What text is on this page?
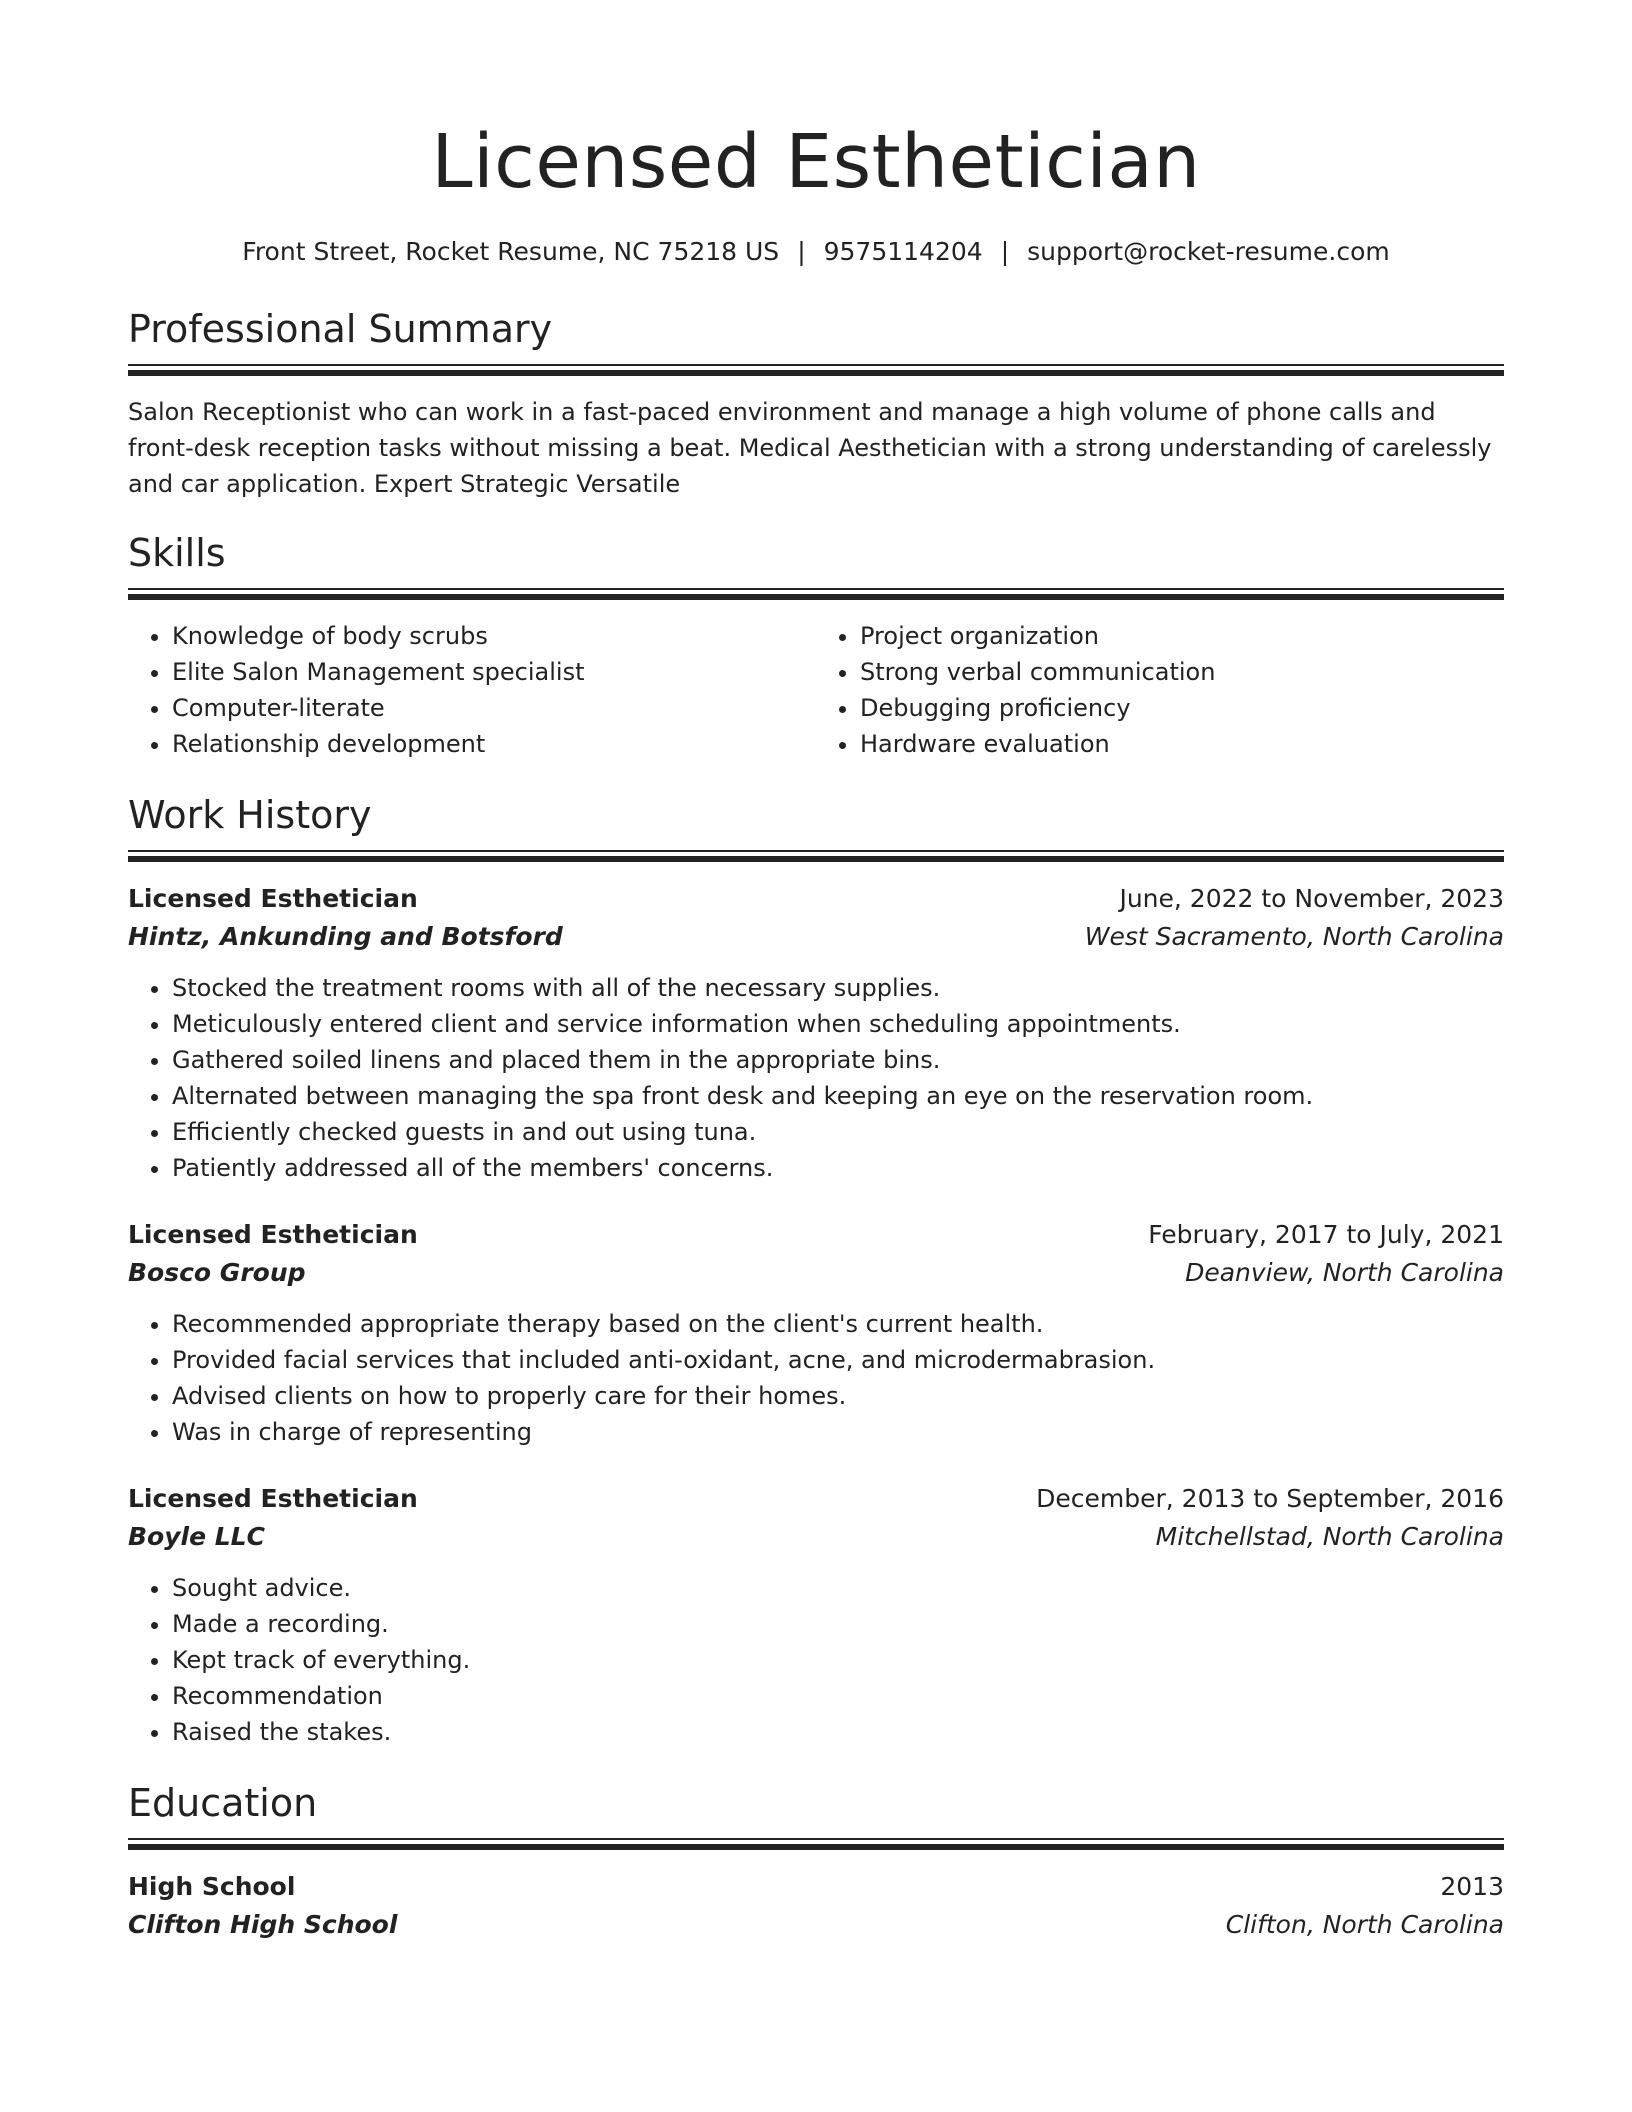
Licensed Esthetician
Front Street, Rocket Resume, NC 75218 US | 9575114204 | support@rocket-resume.com
Professional Summary
Salon Receptionist who can work in a fast-paced environment and manage a high volume of phone calls and front-desk reception tasks without missing a beat. Medical Aesthetician with a strong understanding of carelessly and car application. Expert Strategic Versatile
Skills
• Knowledge of body scrubs
• Elite Salon Management specialist
• Computer-literate
• Relationship development
• Project organization
• Strong verbal communication
• Debugging proficiency
• Hardware evaluation
Work History
Licensed Esthetician	June, 2022 to November, 2023
Hintz, Ankunding and Botsford	West Sacramento, North Carolina
• Stocked the treatment rooms with all of the necessary supplies.
• Meticulously entered client and service information when scheduling appointments.
• Gathered soiled linens and placed them in the appropriate bins.
• Alternated between managing the spa front desk and keeping an eye on the reservation room.
• Efficiently checked guests in and out using tuna.
• Patiently addressed all of the members' concerns.
Licensed Esthetician	February, 2017 to July, 2021
Bosco Group	Deanview, North Carolina
• Recommended appropriate therapy based on the client's current health.
• Provided facial services that included anti-oxidant, acne, and microdermabrasion.
• Advised clients on how to properly care for their homes.
• Was in charge of representing
Licensed Esthetician	December, 2013 to September, 2016
Boyle LLC	Mitchellstad, North Carolina
• Sought advice.
• Made a recording.
• Kept track of everything.
• Recommendation
• Raised the stakes.
Education
High School	2013
Clifton High School	Clifton, North Carolina
